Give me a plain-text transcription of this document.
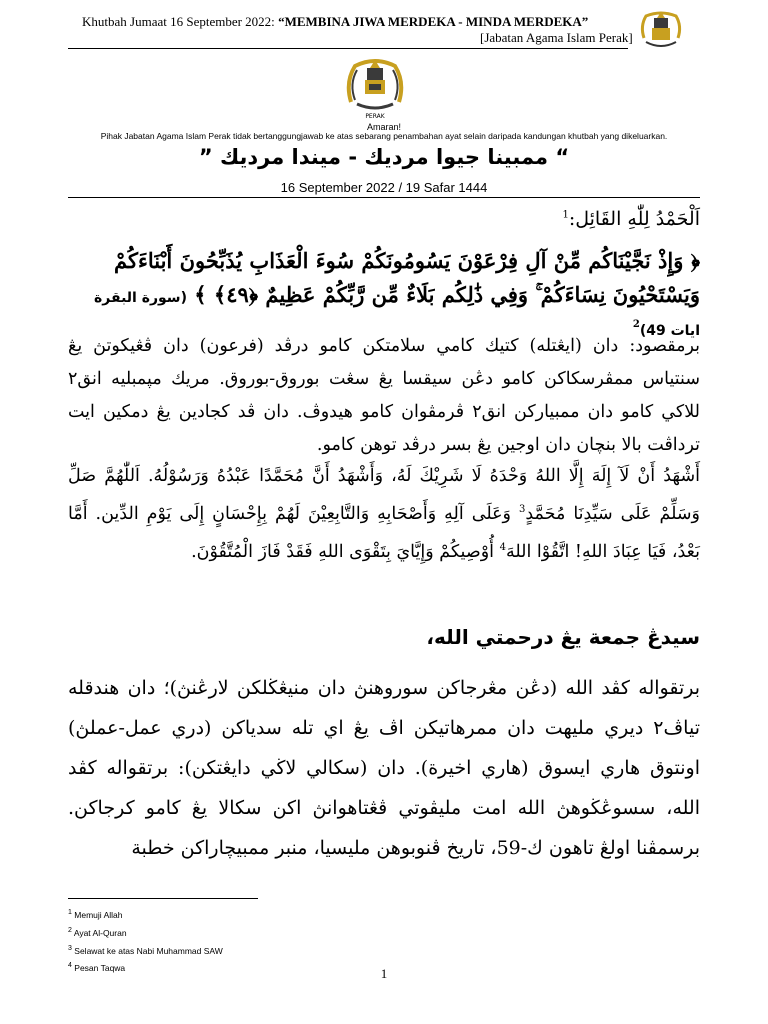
Khutbah Jumaat 16 September 2022: “MEMBINA JIWA MERDEKA - MINDA MERDEKA”
[Jabatan Agama Islam Perak]
PERAK
Amaran!
Pihak Jabatan Agama Islam Perak tidak bertanggungjawab ke atas sebarang penambahan ayat selain daripada kandungan khutbah yang dikeluarkan.
“ ممبينا جيوا مرديك - ميندا مرديك ”
16 September 2022 / 19 Safar 1444
اَلْحَمْدُ لِلّٰهِ القَائِل:$^1$
﴿ وَإِذْ نَجَّيْنَاكُم مِّنْ آلِ فِرْعَوْنَ يَسُومُونَكُمْ سُوءَ الْعَذَابِ يُذَبِّحُونَ أَبْنَاءَكُمْ وَيَسْتَحْيُونَ نِسَاءَكُمْ ۚ وَفِي ذَٰلِكُم بَلَاءٌ مِّن رَّبِّكُمْ عَظِيمٌ ﴿٤٩﴾ ﴾ (سورة البقرة ايات 49)$^2$
برمقصود: دان (ايڠتله) كتيك كامي سلامتكن كامو درڤد (فرعون) دان ڤڠيكوتڽ يڠ سنتياس ممڤرسكاكن كامو دڠن سيقسا يڠ سڠت بوروق-بوروق. مريك مڽمبليه انق٢ للاكي كامو دان ممبياركن انق٢ ڤرمڤوان كامو هيدوڤ. دان ڤد كجادين يڠ دمكين ايت ترداڤت بالا بنچان دان اوجين يڠ بسر درڤد توهن كامو.
أَشْهَدُ أَنْ لَآ إِلَهَ إِلَّا اللهُ وَحْدَهُ لَا شَرِيْكَ لَهُ، وَأَشْهَدُ أَنَّ مُحَمَّدًا عَبْدُهُ وَرَسُوْلُهُ. اَللّٰهُمَّ صَلِّ وَسَلِّمْ عَلَى سَيِّدِنَا مُحَمَّدٍ$^3$ وَعَلَى آلِهِ وَأَصْحَابِهِ وَالتَّابِعِيْنَ لَهُمْ بِإِحْسَانٍ إِلَى يَوْمِ الدِّين. أَمَّا بَعْدُ، فَيَا عِبَادَ اللهِ! اتَّقُوْا اللهَ$^4$ أُوْصِيكُمْ وَإِيَّايَ بِتَقْوَى اللهِ فَقَدْ فَازَ الْمُتَّقُوْنَ.
سيدڠ جمعة يڠ درحمتي الله،
برتقواله كڤد الله (دڠن مڠرجاكن سوروهنڽ دان منيڠڬلكن لارڠنڽ)؛ دان هندقله تياڤ٢ ديري مليهت دان ممرهاتيكن اڤ يڠ اي تله سدياكن (دري عمل-عملڽ) اونتوق هاري ايسوق (هاري اخيرة). دان (سكالي لاڬي دايڠتكن): برتقواله كڤد الله، سسوڠڬوهڽ الله امت مليڤوتي ڤڠتاهوانڽ اكن سكالا يڠ كامو كرجاكن. برسمڤنا اولڠ تاهون ك-59، تاريخ ڤنوبوهن مليسيا، منبر ممبيچاراكن خطبة
$^1$ Memuji Allah
$^2$ Ayat Al-Quran
$^3$ Selawat ke atas Nabi Muhammad SAW
$^4$ Pesan Taqwa	1
